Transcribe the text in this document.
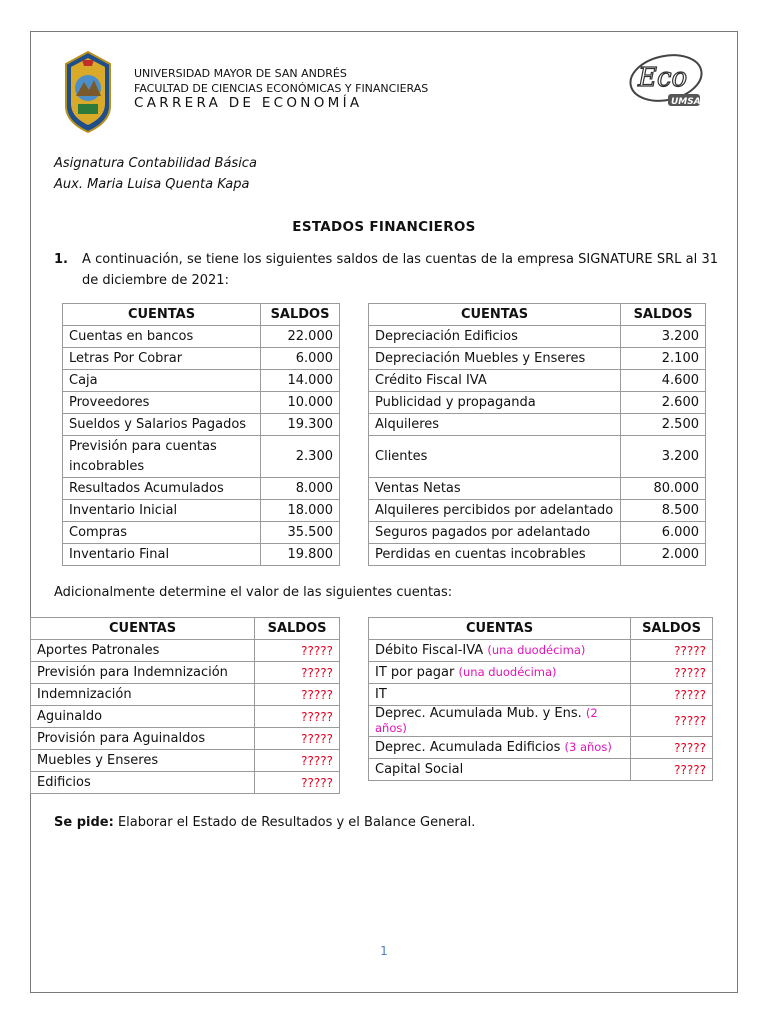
UNIVERSIDAD MAYOR DE SAN ANDRÉS
FACULTAD DE CIENCIAS ECONÓMICAS Y FINANCIERAS
CARRERA DE ECONOMÍA
Eco
UMSA
Asignatura Contabilidad Básica
Aux. Maria Luisa Quenta Kapa
ESTADOS FINANCIEROS
1. A continuación, se tiene los siguientes saldos de las cuentas de la empresa SIGNATURE SRL al 31 de diciembre de 2021:
CUENTAS	SALDOS
Cuentas en bancos	22.000
Letras Por Cobrar	6.000
Caja	14.000
Proveedores	10.000
Sueldos y Salarios Pagados	19.300
Previsión para cuentas incobrables	2.300
Resultados Acumulados	8.000
Inventario Inicial	18.000
Compras	35.500
Inventario Final	19.800
CUENTAS	SALDOS
Depreciación Edificios	3.200
Depreciación Muebles y Enseres	2.100
Crédito Fiscal IVA	4.600
Publicidad y propaganda	2.600
Alquileres	2.500
Clientes	3.200
Ventas Netas	80.000
Alquileres percibidos por adelantado	8.500
Seguros pagados por adelantado	6.000
Perdidas en cuentas incobrables	2.000
Adicionalmente determine el valor de las siguientes cuentas:
CUENTAS	SALDOS
Aportes Patronales	?????
Previsión para Indemnización	?????
Indemnización	?????
Aguinaldo	?????
Provisión para Aguinaldos	?????
Muebles y Enseres	?????
Edificios	?????
CUENTAS	SALDOS
Débito Fiscal-IVA (una duodécima)	?????
IT por pagar (una duodécima)	?????
IT	?????
Deprec. Acumulada Mub. y Ens. (2 años)	?????
Deprec. Acumulada Edificios (3 años)	?????
Capital Social	?????
Se pide: Elaborar el Estado de Resultados y el Balance General.
1
